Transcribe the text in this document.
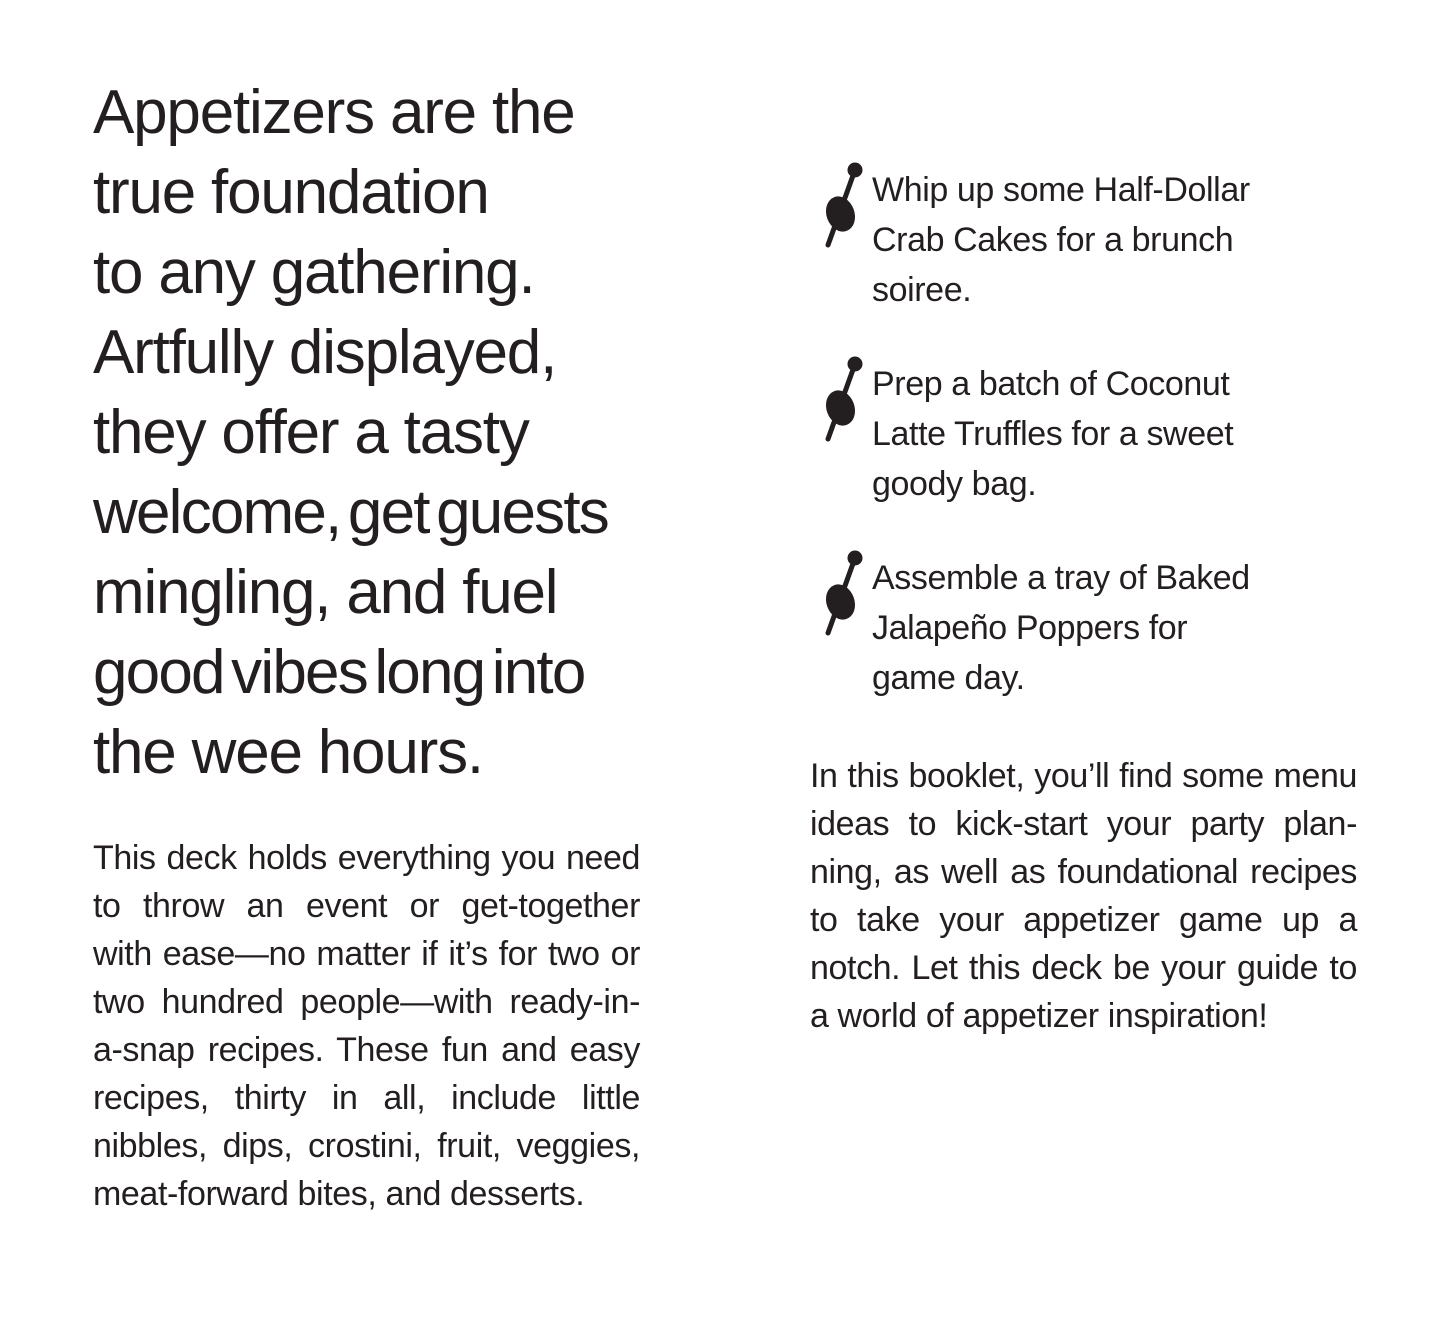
Appetizers are the
true foundation
to any gathering.
Artfully displayed,
they offer a tasty
welcome, get guests
mingling, and fuel
good vibes long into
the wee hours.
This deck holds everything you need
to throw an event or get-together
with ease—no matter if it’s for two or
two hundred people—with ready-in-
a-snap recipes. These fun and easy
recipes, thirty in all, include little
nibbles, dips, crostini, fruit, veggies,
meat-forward bites, and desserts.
Whip up some Half-Dollar
Crab Cakes for a brunch
soiree.
Prep a batch of Coconut
Latte Truffles for a sweet
goody bag.
Assemble a tray of Baked
Jalapeño Poppers for
game day.
In this booklet, you’ll find some menu
ideas to kick-start your party plan-
ning, as well as foundational recipes
to take your appetizer game up a
notch. Let this deck be your guide to
a world of appetizer inspiration!
